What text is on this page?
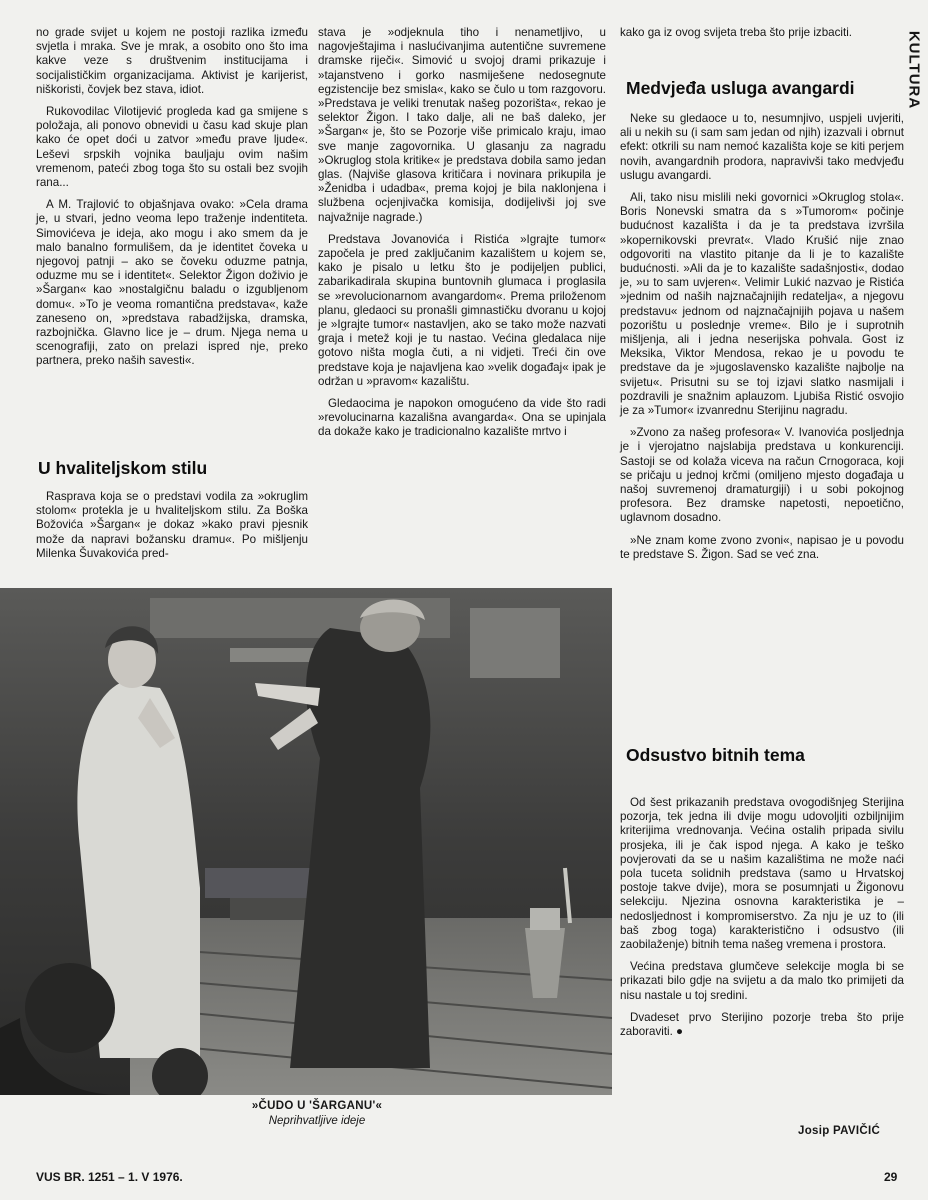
KULTURA

no grade svijet u kojem ne postoji razlika između svjetla i mraka. Sve je mrak, a osobito ono što ima kakve veze s društvenim institucijama i socijalističkim organizacijama. Aktivist je karijerist, niškoristi, čovjek bez stava, idiot.

Rukovodilac Vilotijević progleda kad ga smijene s položaja, ali ponovo obnevidi u času kad skuje plan kako će opet doći u zatvor »među prave ljude«. Leševi srpskih vojnika bauljaju ovim našim vremenom, pateći zbog toga što su ostali bez svojih rana...

A M. Trajlović to objašnjava ovako: »Cela drama je, u stvari, jedno veoma lepo traženje indentiteta. Simovićeva je ideja, ako mogu i ako smem da je malo banalno formulišem, da je identitet čoveka u njegovoj patnji – ako se čoveku oduzme patnja, oduzme mu se i identitet«. Selektor Žigon doživio je »Šargan« kao »nostalgičnu baladu o izgubljenom domu«. »To je veoma romantična predstava«, kaže zaneseno on, »predstava rabadžijska, dramska, razbojnička. Glavno lice je – drum. Njega nema u scenografiji, zato on prelazi ispred nje, preko partnera, preko naših savesti«.

U hvaliteljskom stilu

Rasprava koja se o predstavi vodila za »okruglim stolom« protekla je u hvaliteljskom stilu. Za Boška Božovića »Šargan« je dokaz »kako pravi pjesnik može da napravi božansku dramu«. Po mišljenju Milenka Šuvakovića pred-

stava je »odjeknula tiho i nenametljivo, u nagovještajima i naslućivanjima autentične suvremene dramske riječi«. Simović u svojoj drami prikazuje i »tajanstveno i gorko nasmiješene nedosegnute egzistencije bez smisla«, kako se čulo u tom razgovoru. »Predstava je veliki trenutak našeg pozorišta«, rekao je selektor Žigon. I tako dalje, ali ne baš daleko, jer »Šargan« je, što se Pozorje više primicalo kraju, imao sve manje zagovornika. U glasanju za nagradu »Okruglog stola kritike« je predstava dobila samo jedan glas. (Najviše glasova kritičara i novinara prikupila je »Ženidba i udadba«, prema kojoj je bila naklonjena i službena ocjenjivačka komisija, dodijelivši joj sve najvažnije nagrade.)

Predstava Jovanovića i Ristića »Igrajte tumor« započela je pred zaključanim kazalištem u kojem se, kako je pisalo u letku što je podijeljen publici, zabarikadirala skupina buntovnih glumaca i proglasila se »revolucionarnom avangardom«. Prema priloženom planu, gledaoci su pronašli gimnastičku dvoranu u kojoj je »Igrajte tumor« nastavljen, ako se tako može nazvati graja i metež koji je tu nastao. Većina gledalaca nije gotovo ništa mogla čuti, a ni vidjeti. Treći čin ove predstave koja je najavljena kao »velik događaj« ipak je održan u »pravom« kazalištu.

Gledaocima je napokon omogućeno da vide što radi »revolucinarna kazališna avangarda«. Ona se upinjala da dokaže kako je tradicionalno kazalište mrtvo i

kako ga iz ovog svijeta treba što prije izbaciti.

Medvjeđa usluga avangardi

Neke su gledaoce u to, nesumnjivo, uspjeli uvjeriti, ali u nekih su (i sam sam jedan od njih) izazvali i obrnut efekt: otkrili su nam nemoć kazališta koje se kiti perjem novih, avangardnih prodora, napravivši tako medvjeđu uslugu avangardi.

Ali, tako nisu mislili neki govornici »Okruglog stola«. Boris Nonevski smatra da s »Tumorom« počinje budućnost kazališta i da je ta predstava izvršila »kopernikovski prevrat«. Vlado Krušić nije znao odgovoriti na vlastito pitanje da li je to kazalište budućnosti. »Ali da je to kazalište sadašnjosti«, dodao je, »u to sam uvjeren«. Velimir Lukić nazvao je Ristića »jednim od naših najznačajnijih redatelja«, a njegovu predstavu« jednom od najznačajnijih pojava u našem pozorištu u poslednje vreme«. Bilo je i suprotnih mišljenja, ali i jedna neserijska pohvala. Gost iz Meksika, Viktor Mendosa, rekao je u povodu te predstave da je »jugoslavensko kazalište najbolje na svijetu«. Prisutni su se toj izjavi slatko nasmijali i pozdravili je snažnim aplauzom. Ljubiša Ristić osvojio je za »Tumor« izvanrednu Sterijinu nagradu.

»Zvono za našeg profesora« V. Ivanovića posljednja je i vjerojatno najslabija predstava u konkurenciji. Sastoji se od kolaža viceva na račun Crnogoraca, koji se pričaju u jednoj krčmi (omiljeno mjesto događaja u našoj suvremenoj dramaturgiji) i u sobi pokojnog profesora. Bez dramske napetosti, nepoetično, uglavnom dosadno.

»Ne znam kome zvono zvoni«, napisao je u povodu te predstave S. Žigon. Sad se već zna.

Odsustvo bitnih tema

Od šest prikazanih predstava ovogodišnjeg Sterijina pozorja, tek jedna ili dvije mogu udovoljiti ozbiljnijim kriterijima vrednovanja. Većina ostalih pripada sivilu prosjeka, ili je čak ispod njega. A kako je teško povjerovati da se u našim kazalištima ne može naći pola tuceta solidnih predstava (samo u Hrvatskoj postoje takve dvije), mora se posumnjati u Žigonovu selekciju. Njezina osnovna karakteristika je – nedosljednost i kompromiserstvo. Za nju je uz to (ili baš zbog toga) karakteristično i odsustvo (ili zaobilaženje) bitnih tema našeg vremena i prostora.

Većina predstava glumčeve selekcije mogla bi se prikazati bilo gdje na svijetu a da malo tko primijeti da nisu nastale u toj sredini.

Dvadeset prvo Sterijino pozorje treba što prije zaboraviti. ●

Josip PAVIČIĆ
»ČUDO U 'ŠARGANU'«
Neprihvatljive ideje
VUS BR. 1251 – 1. V 1976.	29
